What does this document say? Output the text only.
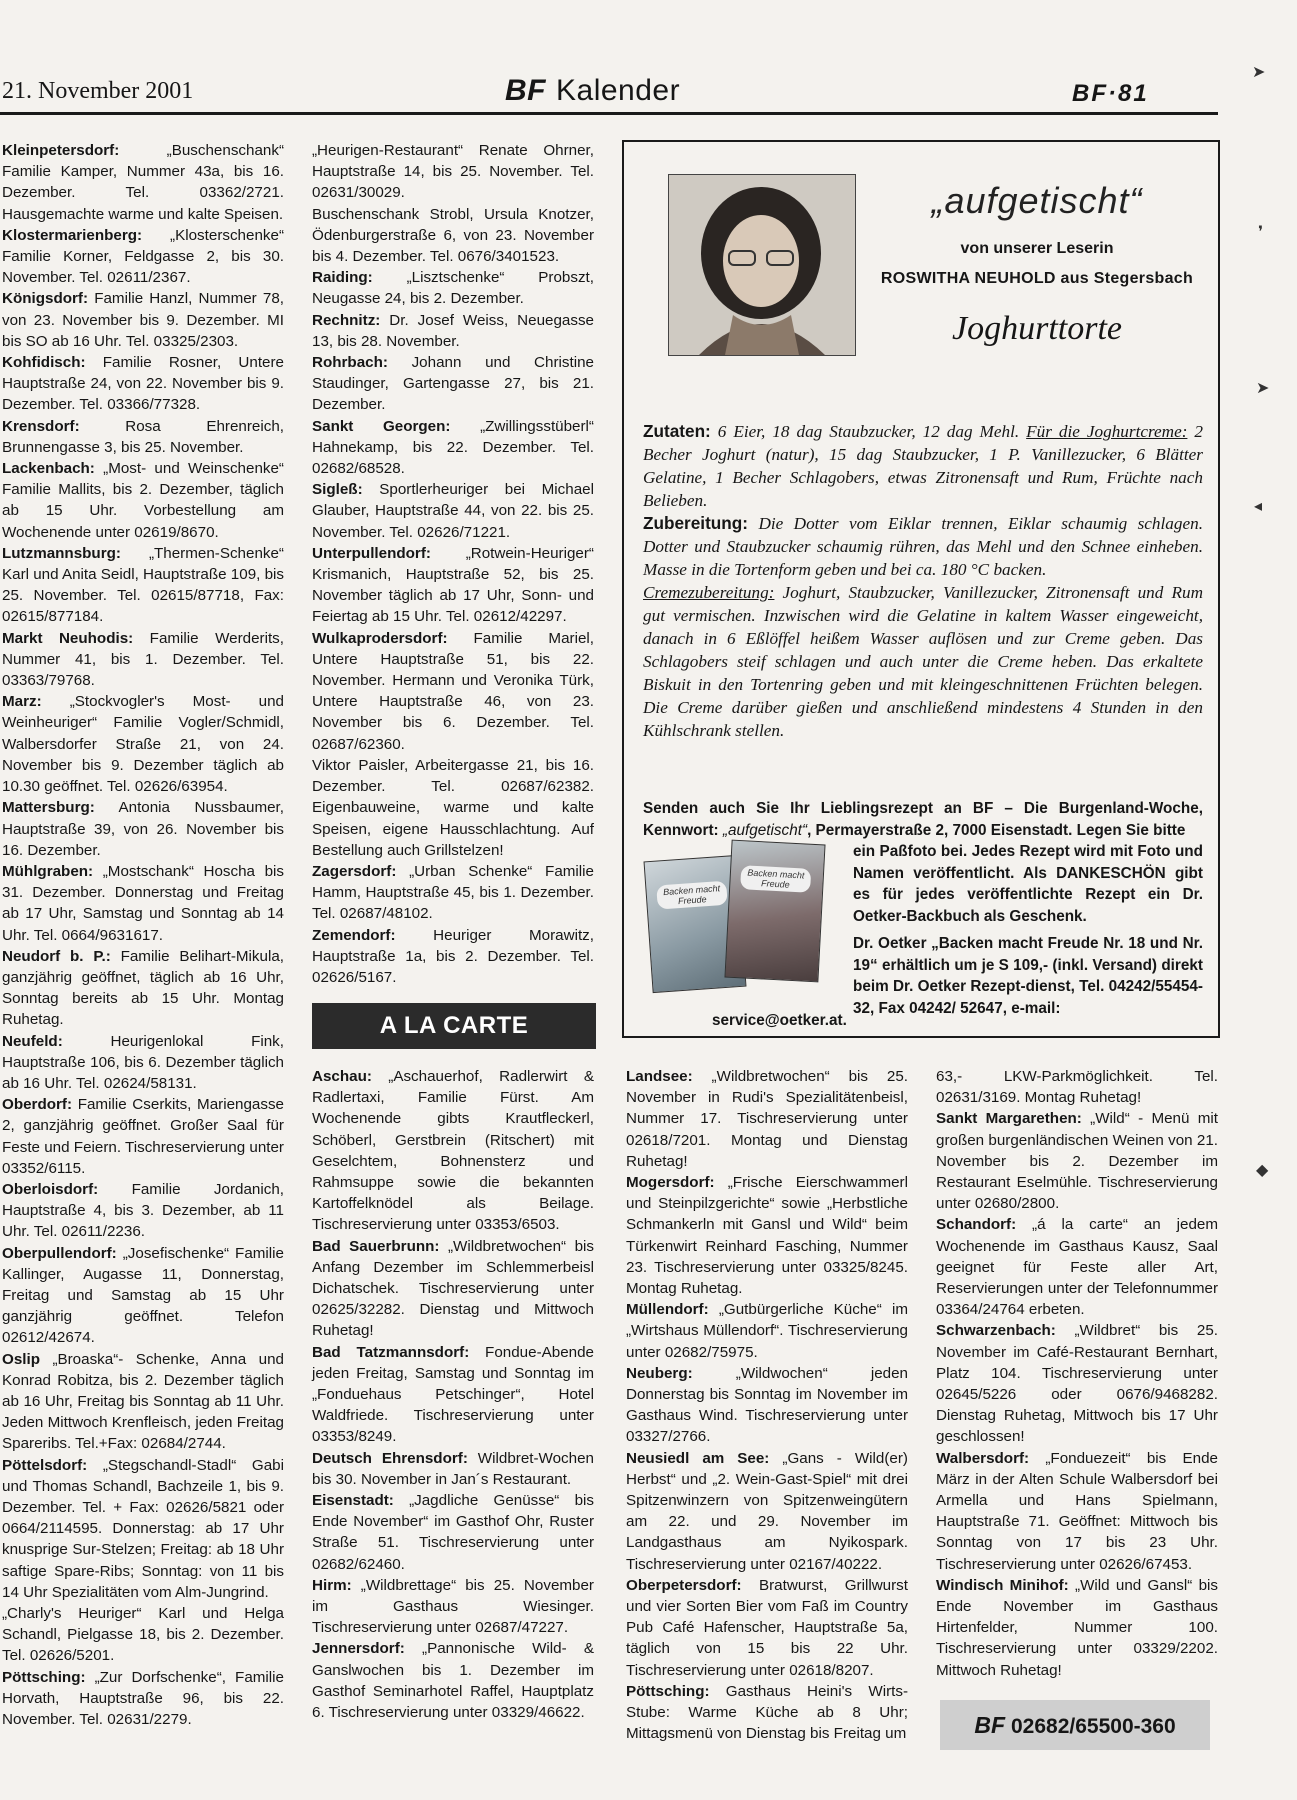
21. November 2001	BF Kalender	BF·81

Kleinpetersdorf: „Buschenschank“ Familie Kamper, Nummer 43a, bis 16. Dezember. Tel. 03362/2721. Hausgemachte warme und kalte Speisen.

Klostermarienberg: „Klosterschenke“ Familie Korner, Feldgasse 2, bis 30. November. Tel. 02611/2367.

Königsdorf: Familie Hanzl, Nummer 78, von 23. November bis 9. Dezember. MI bis SO ab 16 Uhr. Tel. 03325/2303.

Kohfidisch: Familie Rosner, Untere Hauptstraße 24, von 22. November bis 9. Dezember. Tel. 03366/77328.

Krensdorf: Rosa Ehrenreich, Brunnengasse 3, bis 25. November.

Lackenbach: „Most- und Weinschenke“ Familie Mallits, bis 2. Dezember, täglich ab 15 Uhr. Vorbestellung am Wochenende unter 02619/8670.

Lutzmannsburg: „Thermen-Schenke“ Karl und Anita Seidl, Hauptstraße 109, bis 25. November. Tel. 02615/87718, Fax: 02615/877184.

Markt Neuhodis: Familie Werderits, Nummer 41, bis 1. Dezember. Tel. 03363/79768.

Marz: „Stockvogler's Most- und Weinheuriger“ Familie Vogler/Schmidl, Walbersdorfer Straße 21, von 24. November bis 9. Dezember täglich ab 10.30 geöffnet. Tel. 02626/63954.

Mattersburg: Antonia Nussbaumer, Hauptstraße 39, von 26. November bis 16. Dezember.

Mühlgraben: „Mostschank“ Hoscha bis 31. Dezember. Donnerstag und Freitag ab 17 Uhr, Samstag und Sonntag ab 14 Uhr. Tel. 0664/9631617.

Neudorf b. P.: Familie Belihart-Mikula, ganzjährig geöffnet, täglich ab 16 Uhr, Sonntag bereits ab 15 Uhr. Montag Ruhetag.

Neufeld: Heurigenlokal Fink, Hauptstraße 106, bis 6. Dezember täglich ab 16 Uhr. Tel. 02624/58131.

Oberdorf: Familie Cserkits, Mariengasse 2, ganzjährig geöffnet. Großer Saal für Feste und Feiern. Tischreservierung unter 03352/6115.

Oberloisdorf: Familie Jordanich, Hauptstraße 4, bis 3. Dezember, ab 11 Uhr. Tel. 02611/2236.

Oberpullendorf: „Josefischenke“ Familie Kallinger, Augasse 11, Donnerstag, Freitag und Samstag ab 15 Uhr ganzjährig geöffnet. Telefon 02612/42674.

Oslip „Broaska“- Schenke, Anna und Konrad Robitza, bis 2. Dezember täglich ab 16 Uhr, Freitag bis Sonntag ab 11 Uhr. Jeden Mittwoch Krenfleisch, jeden Freitag Spareribs. Tel.+Fax: 02684/2744.

Pöttelsdorf: „Stegschandl-Stadl“ Gabi und Thomas Schandl, Bachzeile 1, bis 9. Dezember. Tel. + Fax: 02626/5821 oder 0664/2114595. Donnerstag: ab 17 Uhr knusprige Sur-Stelzen; Freitag: ab 18 Uhr saftige Spare-Ribs; Sonntag: von 11 bis 14 Uhr Spezialitäten vom Alm-Jungrind.

„Charly's Heuriger“ Karl und Helga Schandl, Pielgasse 18, bis 2. Dezember. Tel. 02626/5201.

Pöttsching: „Zur Dorfschenke“, Familie Horvath, Hauptstraße 96, bis 22. November. Tel. 02631/2279.

„Heurigen-Restaurant“ Renate Ohrner, Hauptstraße 14, bis 25. November. Tel. 02631/30029.

Buschenschank Strobl, Ursula Knotzer, Ödenburgerstraße 6, von 23. November bis 4. Dezember. Tel. 0676/3401523.

Raiding: „Lisztschenke“ Probszt, Neugasse 24, bis 2. Dezember.

Rechnitz: Dr. Josef Weiss, Neuegasse 13, bis 28. November.

Rohrbach: Johann und Christine Staudinger, Gartengasse 27, bis 21. Dezember.

Sankt Georgen: „Zwillingsstüberl“ Hahnekamp, bis 22. Dezember. Tel. 02682/68528.

Sigleß: Sportlerheuriger bei Michael Glauber, Hauptstraße 44, von 22. bis 25. November. Tel. 02626/71221.

Unterpullendorf: „Rotwein-Heuriger“ Krismanich, Hauptstraße 52, bis 25. November täglich ab 17 Uhr, Sonn- und Feiertag ab 15 Uhr. Tel. 02612/42297.

Wulkaprodersdorf: Familie Mariel, Untere Hauptstraße 51, bis 22. November. Hermann und Veronika Türk, Untere Hauptstraße 46, von 23. November bis 6. Dezember. Tel. 02687/62360.

Viktor Paisler, Arbeitergasse 21, bis 16. Dezember. Tel. 02687/62382. Eigenbauweine, warme und kalte Speisen, eigene Hausschlachtung. Auf Bestellung auch Grillstelzen!

Zagersdorf: „Urban Schenke“ Familie Hamm, Hauptstraße 45, bis 1. Dezember. Tel. 02687/48102.

Zemendorf: Heuriger Morawitz, Hauptstraße 1a, bis 2. Dezember. Tel. 02626/5167.

A LA CARTE

Aschau: „Aschauerhof, Radlerwirt & Radlertaxi, Familie Fürst. Am Wochenende gibts Krautfleckerl, Schöberl, Gerstbrein (Ritschert) mit Geselchtem, Bohnensterz und Rahmsuppe sowie die bekannten Kartoffelknödel als Beilage. Tischreservierung unter 03353/6503.

Bad Sauerbrunn: „Wildbretwochen“ bis Anfang Dezember im Schlemmerbeisl Dichatschek. Tischreservierung unter 02625/32282. Dienstag und Mittwoch Ruhetag!

Bad Tatzmannsdorf: Fondue-Abende jeden Freitag, Samstag und Sonntag im „Fonduehaus Petschinger“, Hotel Waldfriede. Tischreservierung unter 03353/8249.

Deutsch Ehrensdorf: Wildbret-Wochen bis 30. November in Jan´s Restaurant.

Eisenstadt: „Jagdliche Genüsse“ bis Ende November“ im Gasthof Ohr, Ruster Straße 51. Tischreservierung unter 02682/62460.

Hirm: „Wildbrettage“ bis 25. November im Gasthaus Wiesinger. Tischreservierung unter 02687/47227.

Jennersdorf: „Pannonische Wild- & Ganslwochen bis 1. Dezember im Gasthof Seminarhotel Raffel, Hauptplatz 6. Tischreservierung unter 03329/46622.

Landsee: „Wildbretwochen“ bis 25. November in Rudi's Spezialitätenbeisl, Nummer 17. Tischreservierung unter 02618/7201. Montag und Dienstag Ruhetag!

Mogersdorf: „Frische Eierschwammerl und Steinpilzgerichte“ sowie „Herbstliche Schmankerln mit Gansl und Wild“ beim Türkenwirt Reinhard Fasching, Nummer 23. Tischreservierung unter 03325/8245. Montag Ruhetag.

Müllendorf: „Gutbürgerliche Küche“ im „Wirtshaus Müllendorf“. Tischreservierung unter 02682/75975.

Neuberg: „Wildwochen“ jeden Donnerstag bis Sonntag im November im Gasthaus Wind. Tischreservierung unter 03327/2766.

Neusiedl am See: „Gans - Wild(er) Herbst“ und „2. Wein-Gast-Spiel“ mit drei Spitzenwinzern von Spitzenweingütern am 22. und 29. November im Landgasthaus am Nyikospark. Tischreservierung unter 02167/40222.

Oberpetersdorf: Bratwurst, Grillwurst und vier Sorten Bier vom Faß im Country Pub Café Hafenscher, Hauptstraße 5a, täglich von 15 bis 22 Uhr. Tischreservierung unter 02618/8207.

Pöttsching: Gasthaus Heini's Wirts-Stube: Warme Küche ab 8 Uhr; Mittagsmenü von Dienstag bis Freitag um

63,- LKW-Parkmöglichkeit. Tel. 02631/3169. Montag Ruhetag!

Sankt Margarethen: „Wild“ - Menü mit großen burgenländischen Weinen von 21. November bis 2. Dezember im Restaurant Eselmühle. Tischreservierung unter 02680/2800.

Schandorf: „á la carte“ an jedem Wochenende im Gasthaus Kausz, Saal geeignet für Feste aller Art, Reservierungen unter der Telefonnummer 03364/24764 erbeten.

Schwarzenbach: „Wildbret“ bis 25. November im Café-Restaurant Bernhart, Platz 104. Tischreservierung unter 02645/5226 oder 0676/9468282. Dienstag Ruhetag, Mittwoch bis 17 Uhr geschlossen!

Walbersdorf: „Fonduezeit“ bis Ende März in der Alten Schule Walbersdorf bei Armella und Hans Spielmann, Hauptstraße 71. Geöffnet: Mittwoch bis Sonntag von 17 bis 23 Uhr. Tischreservierung unter 02626/67453.

Windisch Minihof: „Wild und Gansl“ bis Ende November im Gasthaus Hirtenfelder, Nummer 100. Tischreservierung unter 03329/2202. Mittwoch Ruhetag!

„aufgetischt“
von unserer Leserin
ROSWITHA NEUHOLD aus Stegersbach
Joghurttorte

Zutaten: 6 Eier, 18 dag Staubzucker, 12 dag Mehl. Für die Joghurtcreme: 2 Becher Joghurt (natur), 15 dag Staubzucker, 1 P. Vanillezucker, 6 Blätter Gelatine, 1 Becher Schlagobers, etwas Zitronensaft und Rum, Früchte nach Belieben.

Zubereitung: Die Dotter vom Eiklar trennen, Eiklar schaumig schlagen. Dotter und Staubzucker schaumig rühren, das Mehl und den Schnee einheben. Masse in die Tortenform geben und bei ca. 180 °C backen.

Cremezubereitung: Joghurt, Staubzucker, Vanillezucker, Zitronensaft und Rum gut vermischen. Inzwischen wird die Gelatine in kaltem Wasser eingeweicht, danach in 6 Eßlöffel heißem Wasser auflösen und zur Creme geben. Das Schlagobers steif schlagen und auch unter die Creme heben. Das erkaltete Biskuit in den Tortenring geben und mit kleingeschnittenen Früchten belegen. Die Creme darüber gießen und anschließend mindestens 4 Stunden in den Kühlschrank stellen.

Senden auch Sie Ihr Lieblingsrezept an BF – Die Burgenland-Woche, Kennwort: „aufgetischt“, Permayerstraße 2, 7000 Eisenstadt. Legen Sie bitte

ein Paßfoto bei. Jedes Rezept wird mit Foto und Namen veröffentlicht. Als DANKESCHÖN gibt es für jedes veröffentlichte Rezept ein Dr. Oetker-Backbuch als Geschenk.

Dr. Oetker „Backen macht Freude Nr. 18 und Nr. 19“ erhältlich um je S 109,- (inkl. Versand) direkt beim Dr. Oetker Rezept-dienst, Tel. 04242/55454-32, Fax 04242/ 52647, e-mail:

service@oetker.at.
Backen macht Freude
Backen macht Freude
BF 02682/65500-360
➤
❜
➤
◂
◆
